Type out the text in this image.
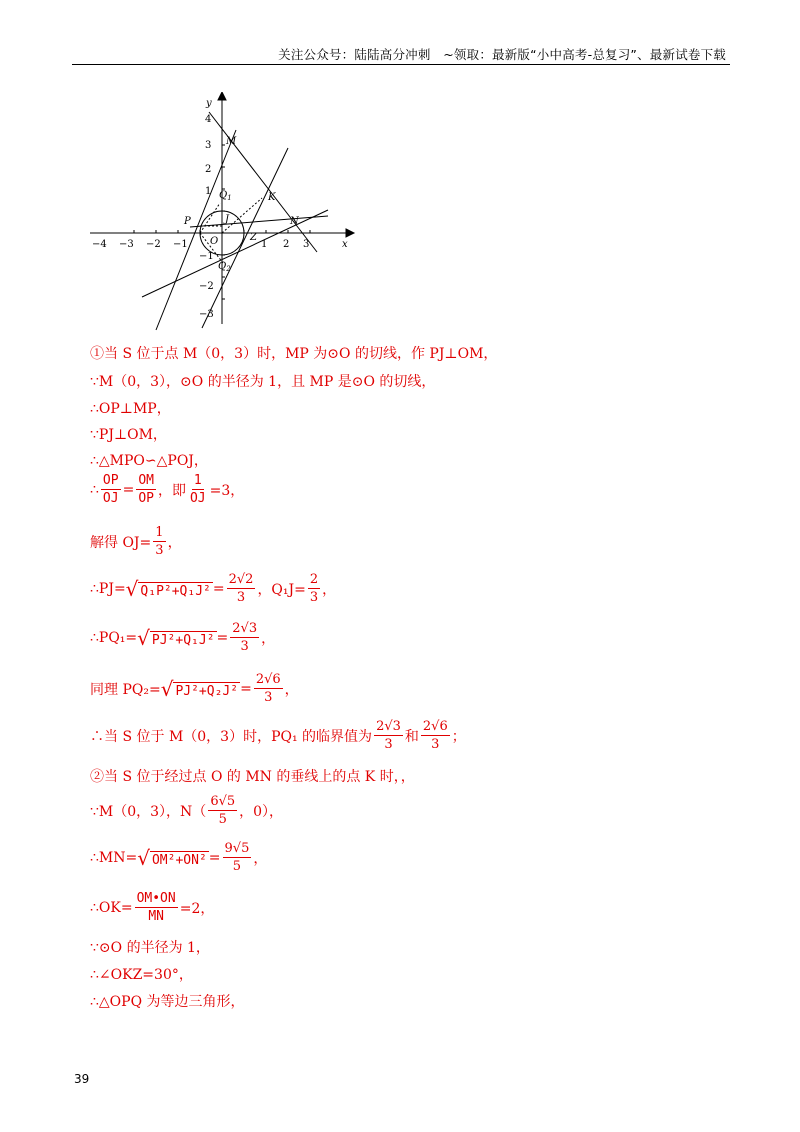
关注公众号：陆陆高分冲刺　~领取：最新版“小中高考-总复习”、最新试卷下载
x
y
O
−4 −3 −2 −1	1 2 3
4
3
2
1
−1
−2
−3
M
K
N
P
$Q_1$
$Q_2$
J
Z
①当 S 位于点 M（0，3）时，MP 为⊙O 的切线，作 PJ⊥OM，
∵M（0，3），⊙O 的半径为 1，且 MP 是⊙O 的切线，
∴OP⊥MP，
∵PJ⊥OM，
∴△MPO∽△POJ，
∴ $\frac{OP}{OJ} = \frac{OM}{OP}$ ，即 $\frac{1}{OJ} =3$，
解得 $OJ= \frac{1}{3}$ ，
∴PJ= √ $Q_1P^2+Q_1J^2 = \frac{2√2}{3}$ ，$Q_1J= \frac{2}{3}$ ，
∴PQ₁= √ $PJ^2+Q_1J^2 = \frac{2√3}{3}$ ，
同理 PQ₂= √ $PJ^2+Q_2J^2 = \frac{2√6}{3}$ ，
∴当 S 位于 M（0，3）时，PQ₁ 的临界值为 $\frac{2√3}{3}$ 和 $\frac{2√6}{3}$ ；
②当 S 位于经过点 O 的 MN 的垂线上的点 K 时，，
∵M（0，3），$N( \frac{6√5}{5}$ ，0），
∴MN= √ $OM^2+ON^2 = \frac{9√5}{5}$ ，
∴OK= $\frac{OM•ON}{MN} =2$，
∵⊙O 的半径为 1，
∴∠OKZ=30°，
∴△OPQ 为等边三角形，
39
